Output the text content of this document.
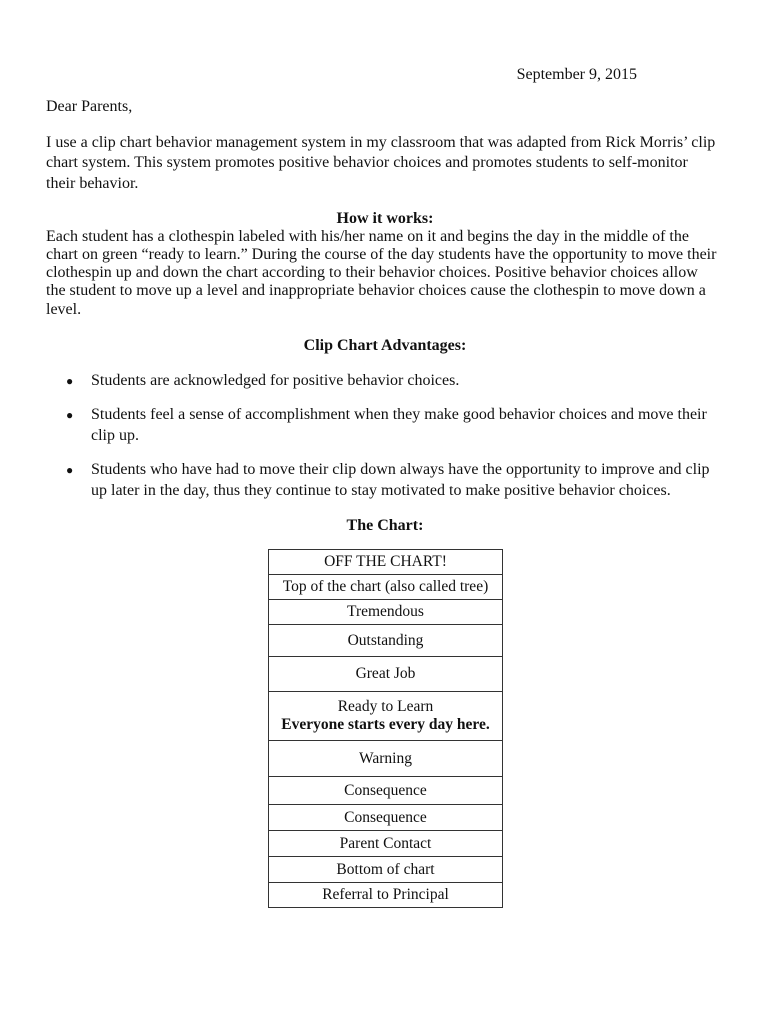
September 9, 2015
Dear Parents,
I use a clip chart behavior management system in my classroom that was adapted from Rick Morris’ clip
chart system. This system promotes positive behavior choices and promotes students to self-monitor
their behavior.
How it works:
Each student has a clothespin labeled with his/her name on it and begins the day in the middle of the
chart on green “ready to learn.” During the course of the day students have the opportunity to move their
clothespin up and down the chart according to their behavior choices. Positive behavior choices allow
the student to move up a level and inappropriate behavior choices cause the clothespin to move down a
level.
Clip Chart Advantages:
● Students are acknowledged for positive behavior choices.
● Students feel a sense of accomplishment when they make good behavior choices and move their
clip up.
● Students who have had to move their clip down always have the opportunity to improve and clip
up later in the day, thus they continue to stay motivated to make positive behavior choices.
The Chart:
OFF THE CHART!
Top of the chart (also called tree)
Tremendous
Outstanding
Great Job

Ready to Learn
Everyone starts every day here.

Warning
Consequence
Consequence
Parent Contact
Bottom of chart
Referral to Principal
